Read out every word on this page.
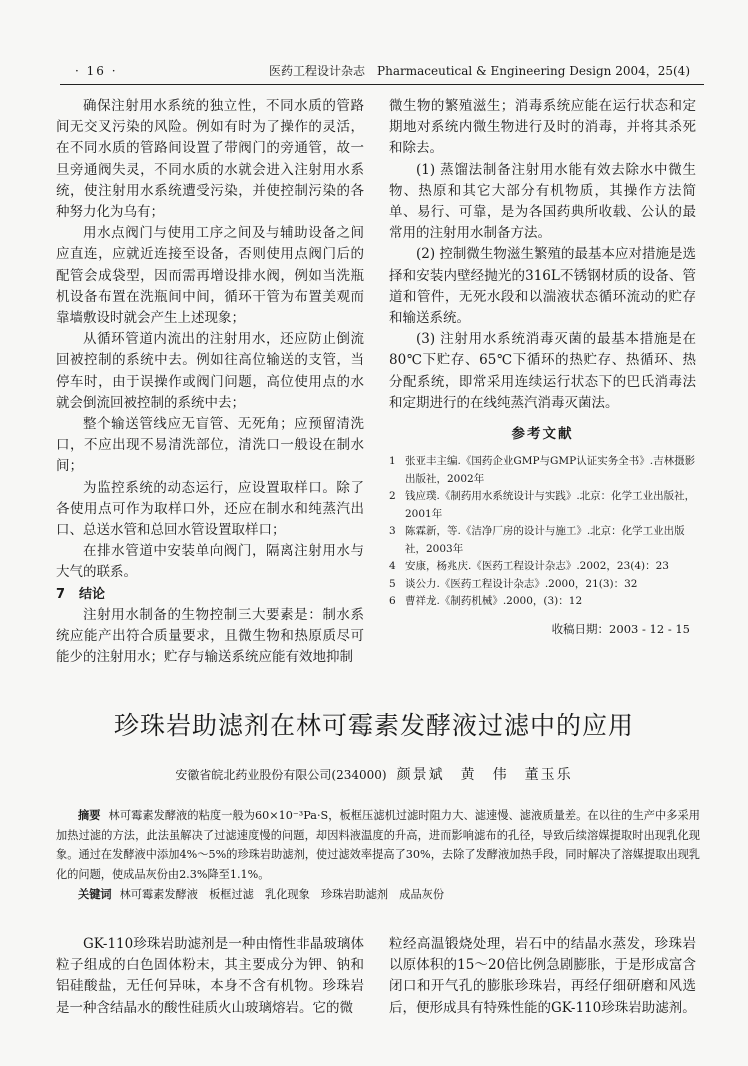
· 16 ·	医药工程设计杂志　Pharmaceutical & Engineering Design 2004，25(4)

确保注射用水系统的独立性，不同水质的管路间无交叉污染的风险。例如有时为了操作的灵活，在不同水质的管路间设置了带阀门的旁通管，故一旦旁通阀失灵，不同水质的水就会进入注射用水系统，使注射用水系统遭受污染，并使控制污染的各种努力化为乌有；

用水点阀门与使用工序之间及与辅助设备之间应直连，应就近连接至设备，否则使用点阀门后的配管会成袋型，因而需再增设排水阀，例如当洗瓶机设备布置在洗瓶间中间，循环干管为布置美观而靠墙敷设时就会产生上述现象；

从循环管道内流出的注射用水，还应防止倒流回被控制的系统中去。例如往高位输送的支管，当停车时，由于误操作或阀门问题，高位使用点的水就会倒流回被控制的系统中去；

整个输送管线应无盲管、无死角；应预留清洗口，不应出现不易清洗部位，清洗口一般设在制水间；

为监控系统的动态运行，应设置取样口。除了各使用点可作为取样口外，还应在制水和纯蒸汽出口、总送水管和总回水管设置取样口；

在排水管道中安装单向阀门，隔离注射用水与大气的联系。

7 结论

注射用水制备的生物控制三大要素是：制水系统应能产出符合质量要求，且微生物和热原质尽可能少的注射用水；贮存与输送系统应能有效地抑制

微生物的繁殖滋生；消毒系统应能在运行状态和定期地对系统内微生物进行及时的消毒，并将其杀死和除去。

(1) 蒸馏法制备注射用水能有效去除水中微生物、热原和其它大部分有机物质，其操作方法简单、易行、可靠，是为各国药典所收载、公认的最常用的注射用水制备方法。

(2) 控制微生物滋生繁殖的最基本应对措施是选择和安装内壁经抛光的316L不锈钢材质的设备、管道和管件，无死水段和以湍液状态循环流动的贮存和输送系统。

(3) 注射用水系统消毒灭菌的最基本措施是在80℃下贮存、65℃下循环的热贮存、热循环、热分配系统，即常采用连续运行状态下的巴氏消毒法和定期进行的在线纯蒸汽消毒灭菌法。

参考文献
1 张亚丰主编.《国药企业GMP与GMP认证实务全书》.吉林摄影出版社，2002年
2 钱应璞.《制药用水系统设计与实践》.北京：化学工业出版社，2001年
3 陈霖新，等.《洁净厂房的设计与施工》.北京：化学工业出版社，2003年
4 安康，杨兆庆.《医药工程设计杂志》.2002，23(4)：23
5 谈公力.《医药工程设计杂志》.2000，21(3)：32
6 曹祥龙.《制药机械》.2000，(3)：12
收稿日期：2003 - 12 - 15
珍珠岩助滤剂在林可霉素发酵液过滤中的应用
安徽省皖北药业股份有限公司(234000) 颜景斌　黄　伟　董玉乐
摘要 林可霉素发酵液的粘度一般为60×10⁻³Pa·S，板框压滤机过滤时阻力大、滤速慢、滤液质量差。在以往的生产中多采用加热过滤的方法，此法虽解决了过滤速度慢的问题，却因料液温度的升高，进而影响滤布的孔径，导致后续溶媒提取时出现乳化现象。通过在发酵液中添加4%～5%的珍珠岩助滤剂，使过滤效率提高了30%，去除了发酵液加热手段，同时解决了溶媒提取出现乳化的问题，使成品灰份由2.3%降至1.1%。
关键词 林可霉素发酵液　板框过滤　乳化现象　珍珠岩助滤剂　成品灰份

GK-110珍珠岩助滤剂是一种由惰性非晶玻璃体粒子组成的白色固体粉末，其主要成分为钾、钠和铝硅酸盐，无任何异味，本身不含有机物。珍珠岩是一种含结晶水的酸性硅质火山玻璃熔岩。它的微

粒经高温锻烧处理，岩石中的结晶水蒸发，珍珠岩以原体积的15～20倍比例急剧膨胀，于是形成富含闭口和开气孔的膨胀珍珠岩，再经仔细研磨和风选后，便形成具有特殊性能的GK-110珍珠岩助滤剂。
